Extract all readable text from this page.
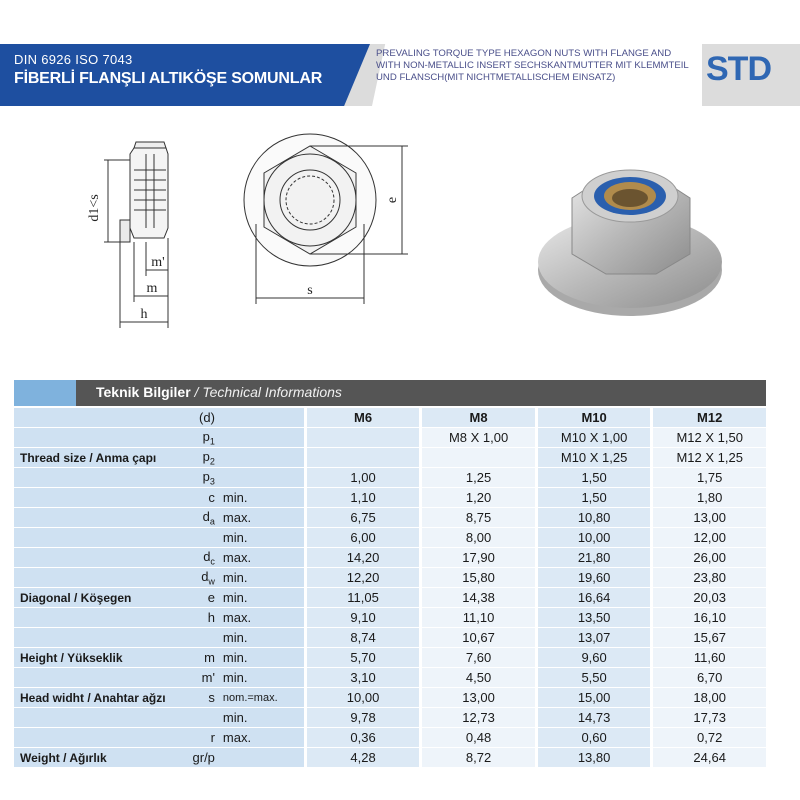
DIN 6926 ISO 7043
FİBERLİ FLANŞLI ALTIKÖŞE SOMUNLAR
PREVALING TORQUE TYPE HEXAGON NUTS WITH FLANGE AND WITH NON-METALLIC INSERT SECHSKANTMUTTER MIT KLEMMTEIL UND FLANSCH(MIT NICHTMETALLISCHEM EINSATZ)	STD
d1<s
m'
m
h
s
e
Teknik Bilgiler / Technical Informations
	(d)		M6	M8	M10	M12
	$p_1$			M8 X 1,00	M10 X 1,00	M12 X 1,50
Thread size / Anma çapı	$p_2$				M10 X 1,25	M12 X 1,25
	$p_3$		1,00	1,25	1,50	1,75
	c	min.	1,10	1,20	1,50	1,80
	$d_a$	max.	6,75	8,75	10,80	13,00
		min.	6,00	8,00	10,00	12,00
	$d_c$	max.	14,20	17,90	21,80	26,00
	$d_w$	min.	12,20	15,80	19,60	23,80
Diagonal / Köşegen	e	min.	11,05	14,38	16,64	20,03
	h	max.	9,10	11,10	13,50	16,10
		min.	8,74	10,67	13,07	15,67
Height / Yükseklik	m	min.	5,70	7,60	9,60	11,60
	m'	min.	3,10	4,50	5,50	6,70
Head widht / Anahtar ağzı	s	nom.=max.	10,00	13,00	15,00	18,00
		min.	9,78	12,73	14,73	17,73
	r	max.	0,36	0,48	0,60	0,72
Weight / Ağırlık	gr/p		4,28	8,72	13,80	24,64
